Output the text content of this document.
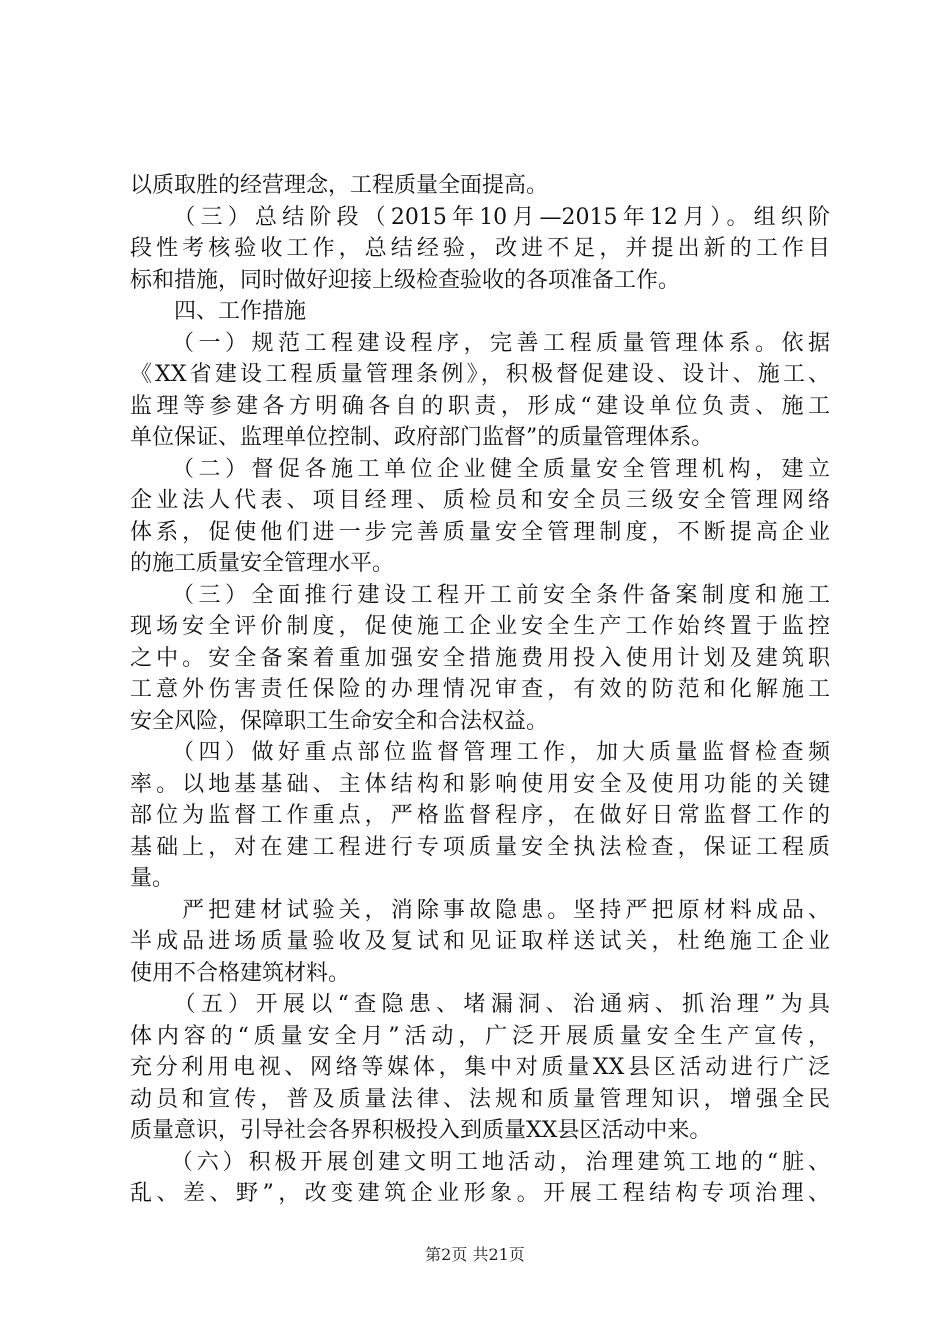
以质取胜的经营理念，工程质量全面提高。
　　（三）总结阶段（2015年10月—2015年12月）。组织阶
段性考核验收工作，总结经验，改进不足，并提出新的工作目
标和措施，同时做好迎接上级检查验收的各项准备工作。
　　四、工作措施
　　（一）规范工程建设程序，完善工程质量管理体系。依据
《XX省建设工程质量管理条例》，积极督促建设、设计、施工、
监理等参建各方明确各自的职责，形成“建设单位负责、施工
单位保证、监理单位控制、政府部门监督”的质量管理体系。
　　（二）督促各施工单位企业健全质量安全管理机构，建立
企业法人代表、项目经理、质检员和安全员三级安全管理网络
体系，促使他们进一步完善质量安全管理制度，不断提高企业
的施工质量安全管理水平。
　　（三）全面推行建设工程开工前安全条件备案制度和施工
现场安全评价制度，促使施工企业安全生产工作始终置于监控
之中。安全备案着重加强安全措施费用投入使用计划及建筑职
工意外伤害责任保险的办理情况审查，有效的防范和化解施工
安全风险，保障职工生命安全和合法权益。
　　（四）做好重点部位监督管理工作，加大质量监督检查频
率。以地基基础、主体结构和影响使用安全及使用功能的关键
部位为监督工作重点，严格监督程序，在做好日常监督工作的
基础上，对在建工程进行专项质量安全执法检查，保证工程质
量。
　　严把建材试验关，消除事故隐患。坚持严把原材料成品、
半成品进场质量验收及复试和见证取样送试关，杜绝施工企业
使用不合格建筑材料。
　　（五）开展以“查隐患、堵漏洞、治通病、抓治理”为具
体内容的“质量安全月”活动，广泛开展质量安全生产宣传，
充分利用电视、网络等媒体，集中对质量XX县区活动进行广泛
动员和宣传，普及质量法律、法规和质量管理知识，增强全民
质量意识，引导社会各界积极投入到质量XX县区活动中来。
　　（六）积极开展创建文明工地活动，治理建筑工地的“脏、
乱、差、野”，改变建筑企业形象。开展工程结构专项治理、
第2页 共21页
